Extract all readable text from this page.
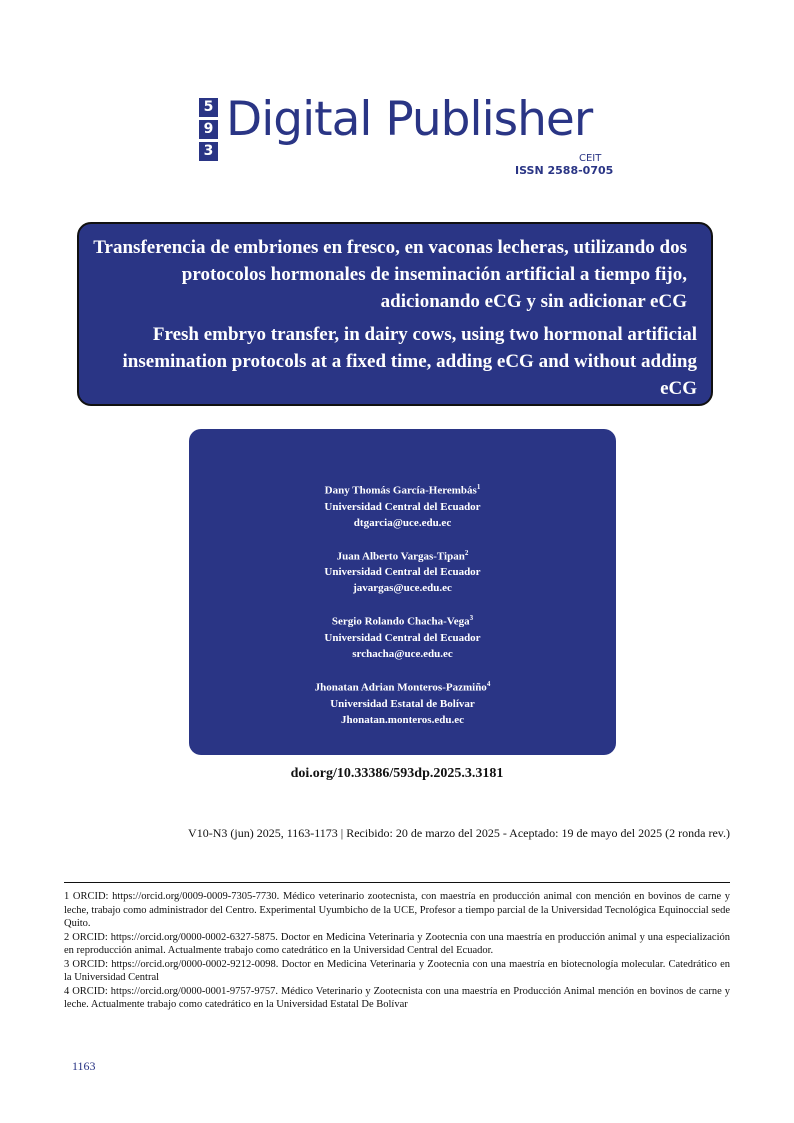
5
9
3
Digital Publisher
CEIT
ISSN 2588-0705

Transferencia de embriones en fresco, en vaconas lecheras, utilizando dos protocolos hormonales de inseminación artificial a tiempo fijo, adicionando eCG y sin adicionar eCG

Fresh embryo transfer, in dairy cows, using two hormonal artificial insemination protocols at a fixed time, adding eCG and without adding eCG

Dany Thomás García-Herembás$^1$
Universidad Central del Ecuador
dtgarcia@uce.edu.ec
Juan Alberto Vargas-Tipan$^2$
Universidad Central del Ecuador
javargas@uce.edu.ec
Sergio Rolando Chacha-Vega$^3$
Universidad Central del Ecuador
srchacha@uce.edu.ec
Jhonatan Adrian Monteros-Pazmiño$^4$
Universidad Estatal de Bolívar
Jhonatan.monteros.edu.ec
doi.org/10.33386/593dp.2025.3.3181
V10-N3 (jun) 2025, 1163-1173 | Recibido: 20 de marzo del 2025 - Aceptado: 19 de mayo del 2025 (2 ronda rev.)

1 ORCID: https://orcid.org/0009-0009-7305-7730. Médico veterinario zootecnista, con maestría en producción animal con mención en bovinos de carne y leche, trabajo como administrador del Centro. Experimental Uyumbicho de la UCE, Profesor a tiempo parcial de la Universidad Tecnológica Equinoccial sede Quito.

2 ORCID: https://orcid.org/0000-0002-6327-5875. Doctor en Medicina Veterinaria y Zootecnia con una maestría en producción animal y una especialización en reproducción animal. Actualmente trabajo como catedrático en la Universidad Central del Ecuador.

3 ORCID: https://orcid.org/0000-0002-9212-0098. Doctor en Medicina Veterinaria y Zootecnia con una maestría en biotecnología molecular. Catedrático en la Universidad Central

4 ORCID: https://orcid.org/0000-0001-9757-9757. Médico Veterinario y Zootecnista con una maestría en Producción Animal mención en bovinos de carne y leche. Actualmente trabajo como catedrático en la Universidad Estatal De Bolívar

1163
